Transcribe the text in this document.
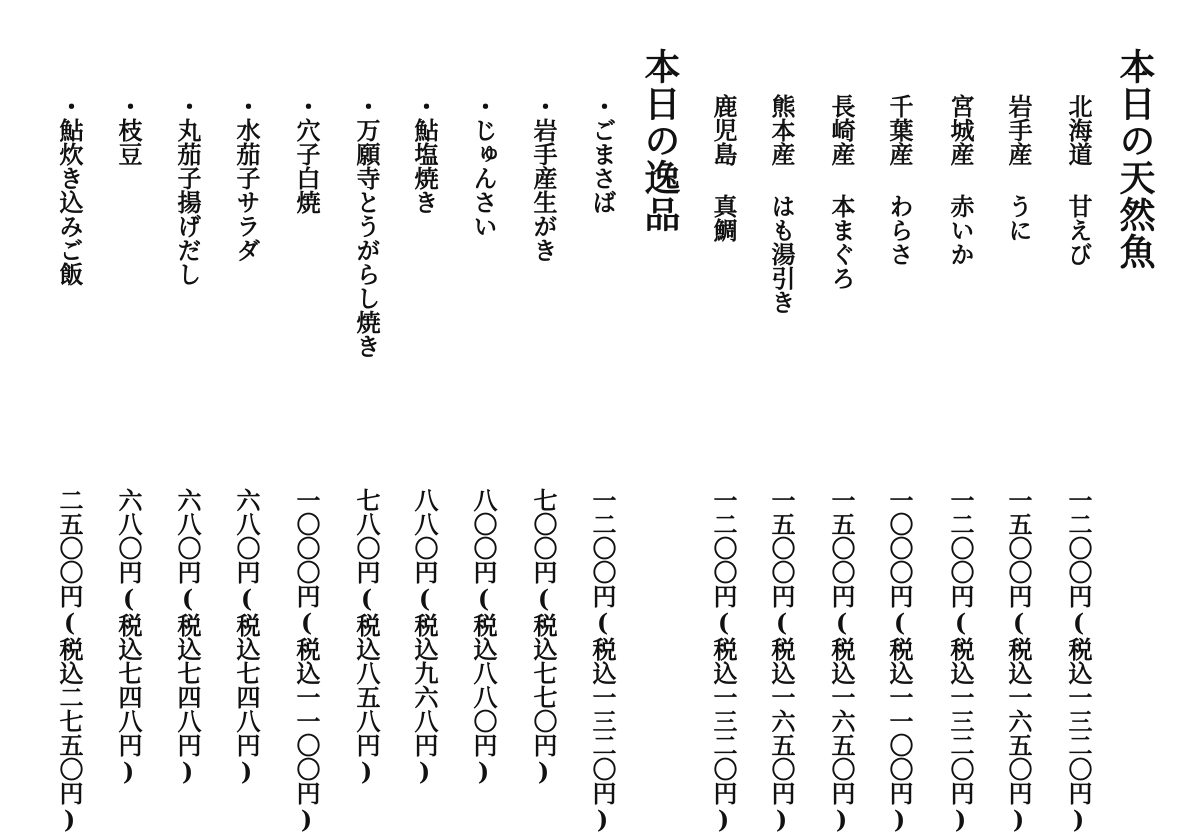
本日の天然魚
北海道甘えび
岩手産うに
宮城産赤いか
千葉産わらさ
長崎産本まぐろ
熊本産はも湯引き
鹿児島真鯛
一二〇〇円(税込一三二〇円)
一五〇〇円(税込一六五〇円)
一二〇〇円(税込一三二〇円)
一〇〇〇円(税込一一〇〇円)
一五〇〇円(税込一六五〇円)
一五〇〇円(税込一六五〇円)
一二〇〇円(税込一三二〇円)
本日の逸品
・ごまさば
・岩手産生がき
・じゅんさい
・鮎塩焼き
・万願寺とうがらし焼き
・穴子白焼
・水茄子サラダ
・丸茄子揚げだし
・枝豆
・鮎炊き込みご飯
一二〇〇円(税込一三二〇円)
七〇〇円(税込七七〇円)
八〇〇円(税込八八〇円)
八八〇円(税込九六八円)
七八〇円(税込八五八円)
一〇〇〇円(税込一一〇〇円)
六八〇円(税込七四八円)
六八〇円(税込七四八円)
六八〇円(税込七四八円)
二五〇〇円(税込二七五〇円)
